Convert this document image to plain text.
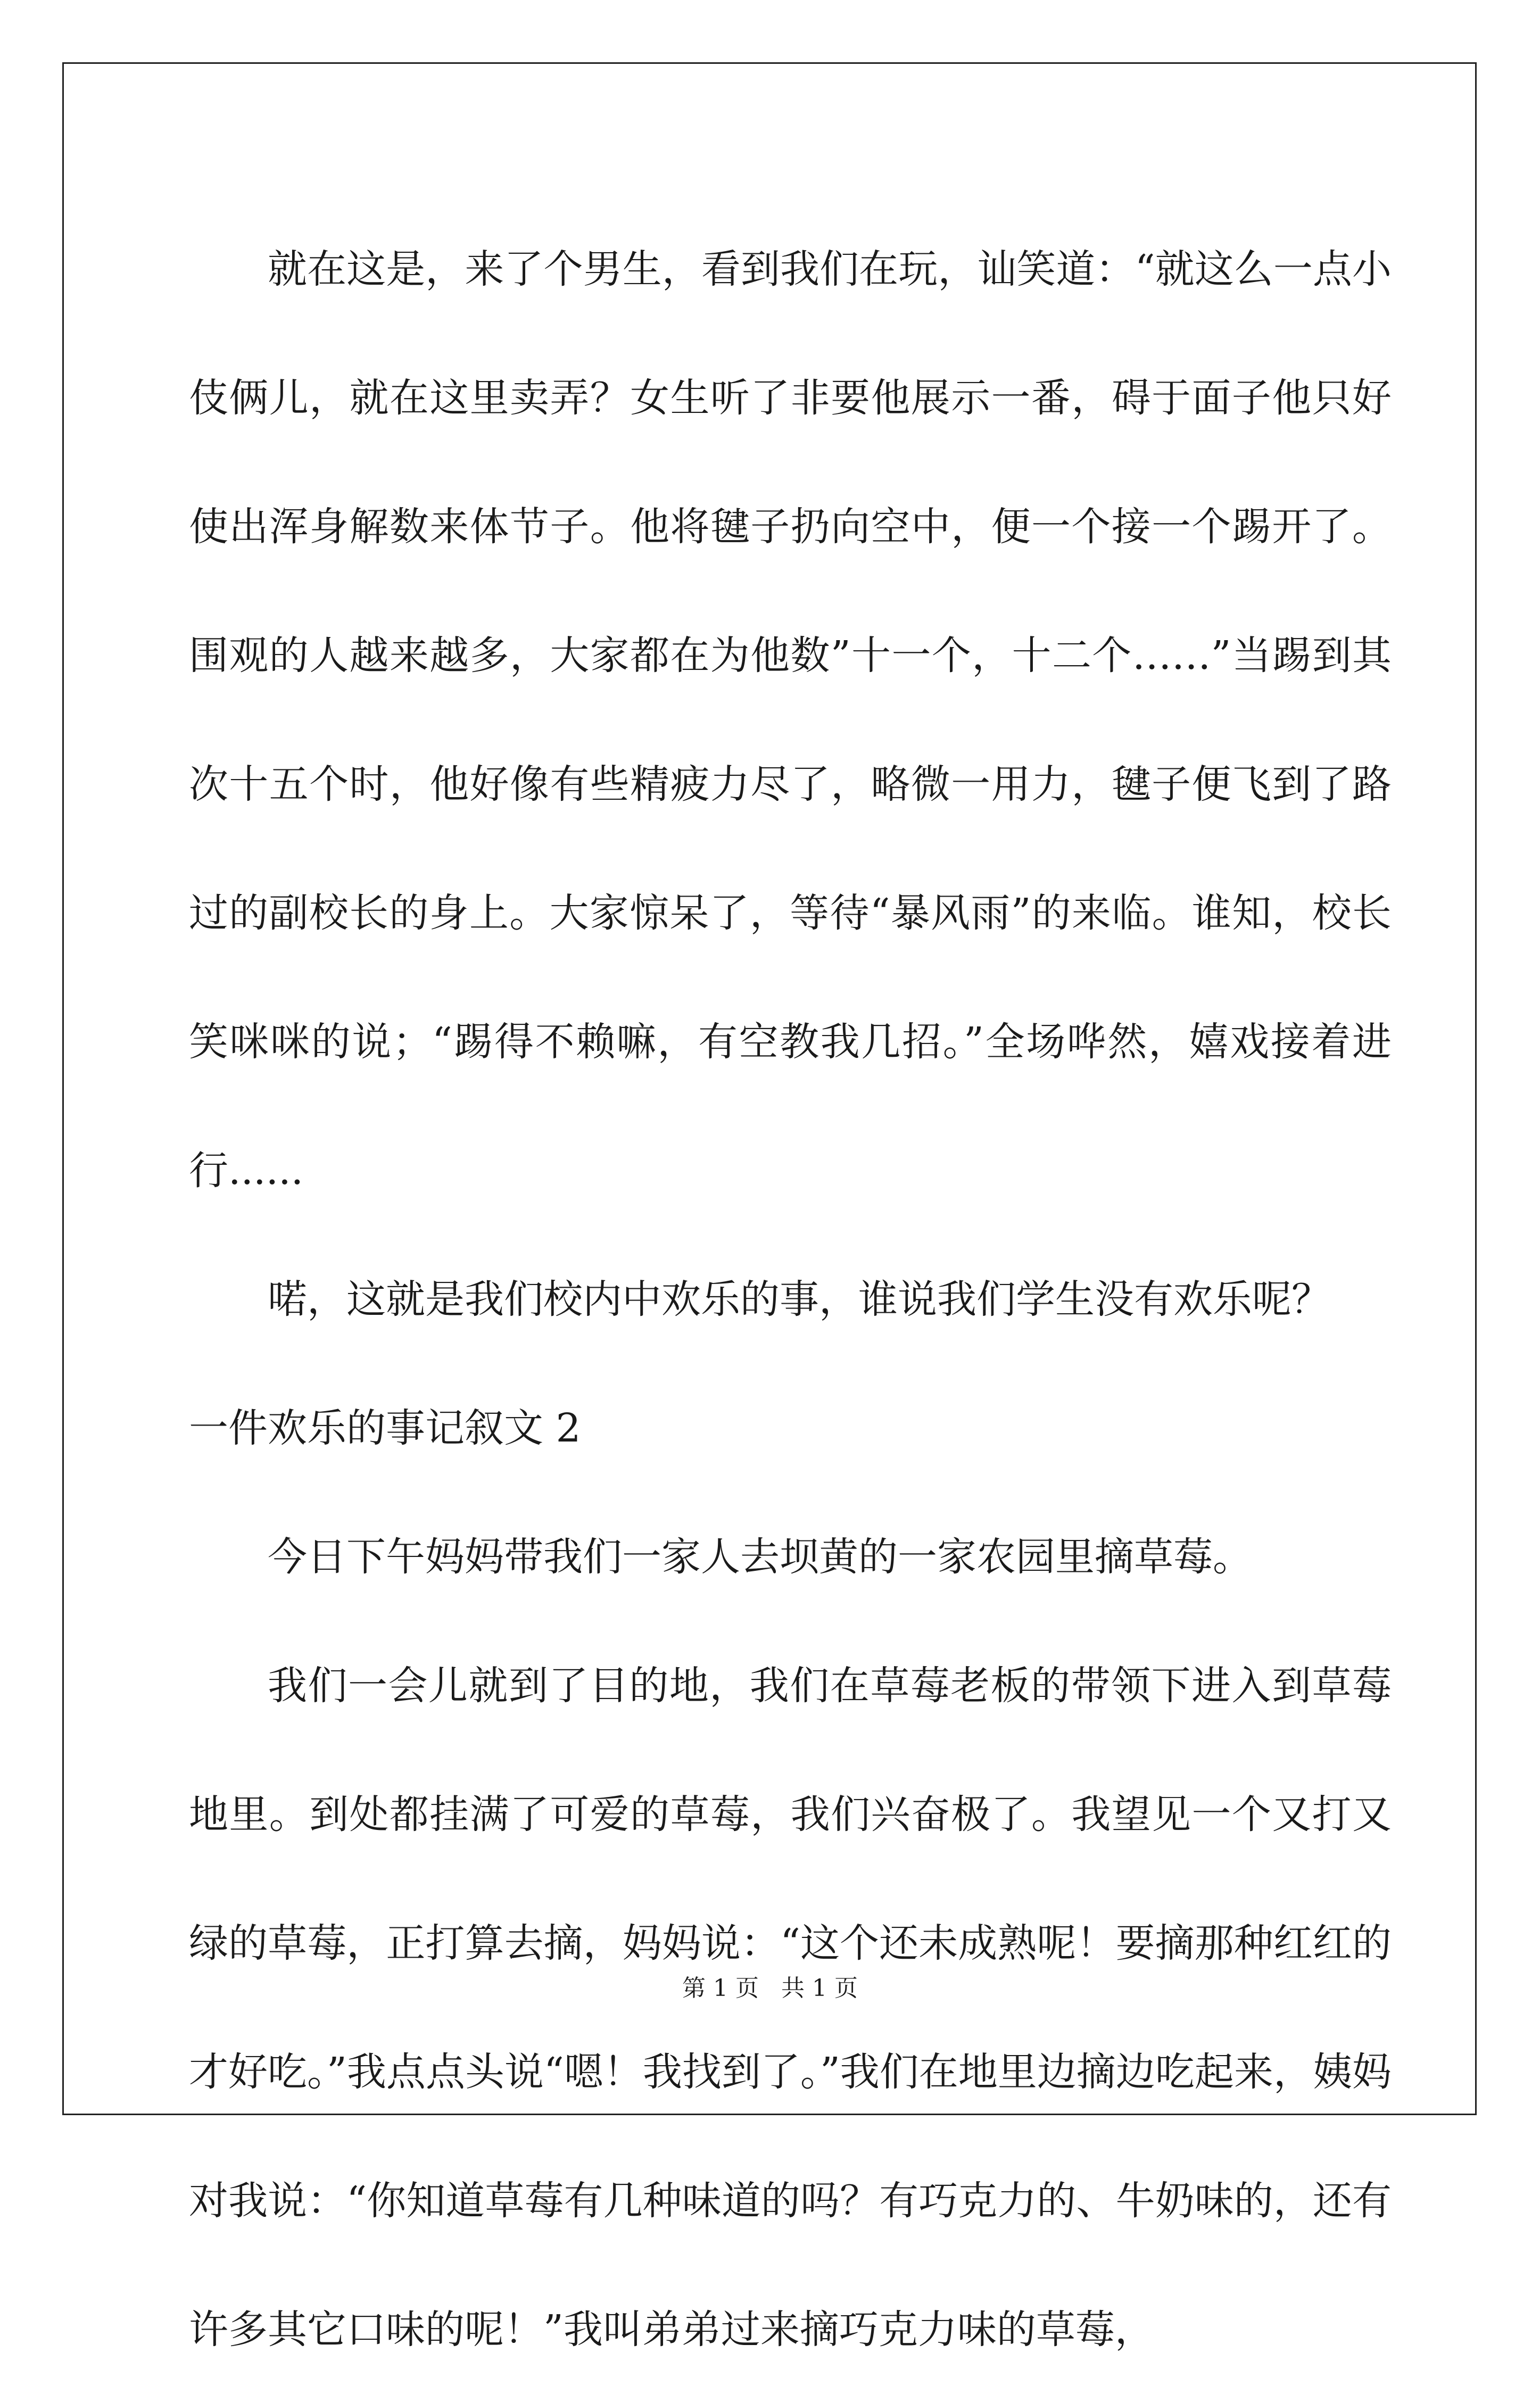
就在这是，来了个男生，看到我们在玩，讪笑道：“就这么一点小伎俩儿，就在这里卖弄？女生听了非要他展示一番，碍于面子他只好使出浑身解数来体节子。他将毽子扔向空中，便一个接一个踢开了。围观的人越来越多，大家都在为他数”十一个，十二个……”当踢到其次十五个时，他好像有些精疲力尽了，略微一用力，毽子便飞到了路过的副校长的身上。大家惊呆了，等待“暴风雨”的来临。谁知，校长笑咪咪的说；“踢得不赖嘛，有空教我几招。”全场哗然，嬉戏接着进行......

喏，这就是我们校内中欢乐的事，谁说我们学生没有欢乐呢？

一件欢乐的事记叙文 2

今日下午妈妈带我们一家人去坝黄的一家农园里摘草莓。

我们一会儿就到了目的地，我们在草莓老板的带领下进入到草莓地里。到处都挂满了可爱的草莓，我们兴奋极了。我望见一个又打又绿的草莓，正打算去摘，妈妈说：“这个还未成熟呢！要摘那种红红的才好吃。”我点点头说“嗯！我找到了。”我们在地里边摘边吃起来，姨妈对我说：“你知道草莓有几种味道的吗？有巧克力的、牛奶味的，还有许多其它口味的呢！”我叫弟弟过来摘巧克力味的草莓，

第 1 页 共 1 页
